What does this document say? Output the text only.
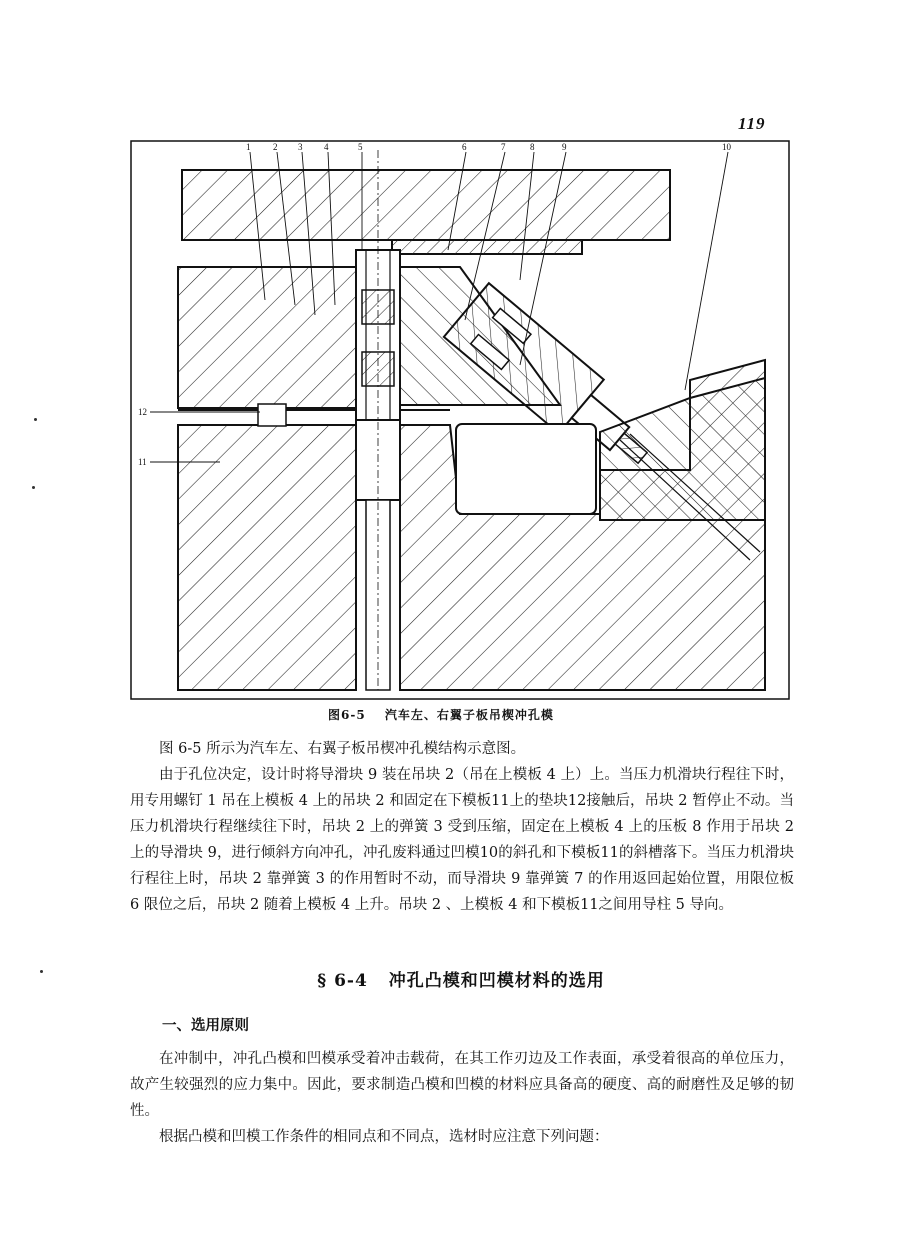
119
1	2 3 4	5	6	7	8	9	10
11
12
图6-5 汽车左、右翼子板吊楔冲孔模

图 6-5 所示为汽车左、右翼子板吊楔冲孔模结构示意图。

由于孔位决定，设计时将导滑块 9 装在吊块 2（吊在上模板 4 上）上。当压力机滑块行程往下时，用专用螺钉 1 吊在上模板 4 上的吊块 2 和固定在下模板11上的垫块12接触后，吊块 2 暂停止不动。当压力机滑块行程继续往下时，吊块 2 上的弹簧 3 受到压缩，固定在上模板 4 上的压板 8 作用于吊块 2 上的导滑块 9，进行倾斜方向冲孔，冲孔废料通过凹模10的斜孔和下模板11的斜槽落下。当压力机滑块行程往上时，吊块 2 靠弹簧 3 的作用暂时不动，而导滑块 9 靠弹簧 7 的作用返回起始位置，用限位板 6 限位之后，吊块 2 随着上模板 4 上升。吊块 2 、上模板 4 和下模板11之间用导柱 5 导向。

§ 6-4 冲孔凸模和凹模材料的选用
一、选用原则

在冲制中，冲孔凸模和凹模承受着冲击载荷，在其工作刃边及工作表面，承受着很高的单位压力，故产生较强烈的应力集中。因此，要求制造凸模和凹模的材料应具备高的硬度、高的耐磨性及足够的韧性。

根据凸模和凹模工作条件的相同点和不同点，选材时应注意下列问题：
